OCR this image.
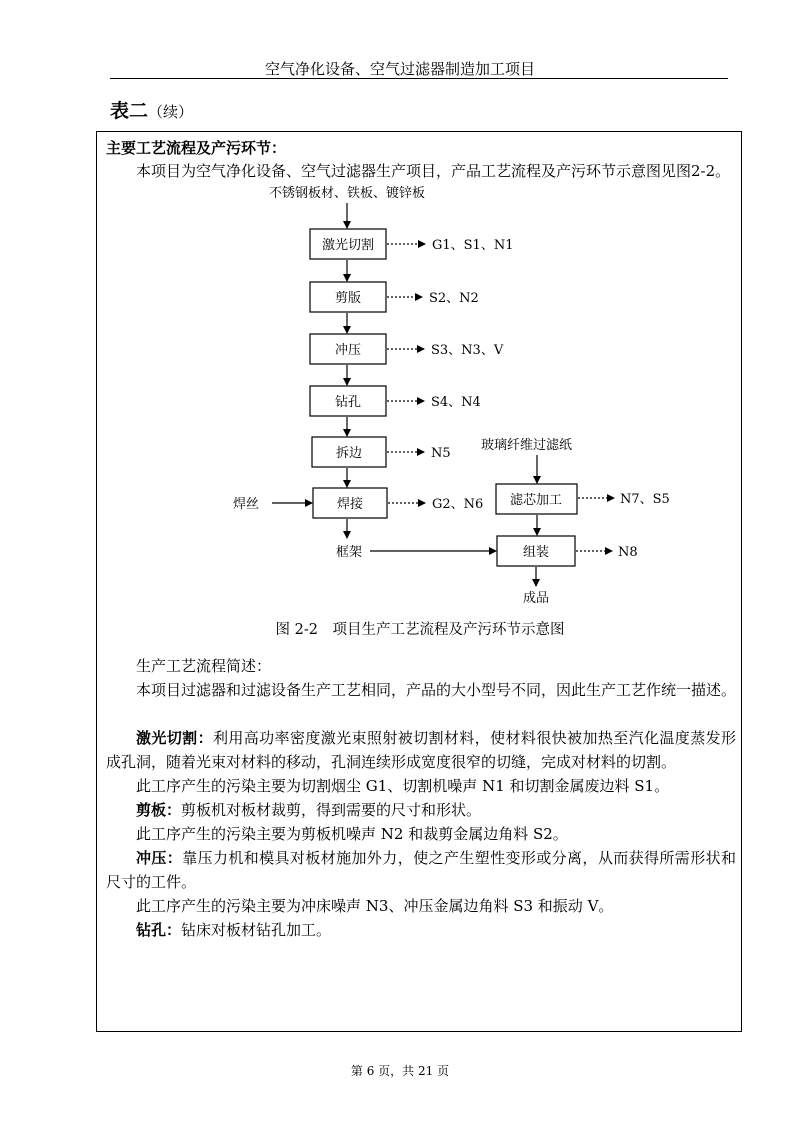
空气净化设备、空气过滤器制造加工项目
表二（续）
主要工艺流程及产污环节：
本项目为空气净化设备、空气过滤器生产项目，产品工艺流程及产污环节示意图见图2-2。
不锈钢板材、铁板、镀锌板
激光切割	G1、S1、N1
剪版	S2、N2
冲压	S3、N3、V
钻孔	S4、N4
拆边	N5
焊接
焊丝	G2、N6
框架
玻璃纤维过滤纸
滤芯加工	N7、S5
组装	N8
成品
图 2-2　项目生产工艺流程及产污环节示意图
生产工艺流程简述：
本项目过滤器和过滤设备生产工艺相同，产品的大小型号不同，因此生产工艺作统一描述。
激光切割：利用高功率密度激光束照射被切割材料，使材料很快被加热至汽化温度蒸发形成孔洞，随着光束对材料的移动，孔洞连续形成宽度很窄的切缝，完成对材料的切割。
此工序产生的污染主要为切割烟尘 G1、切割机噪声 N1 和切割金属废边料 S1。
剪板：剪板机对板材裁剪，得到需要的尺寸和形状。
此工序产生的污染主要为剪板机噪声 N2 和裁剪金属边角料 S2。
冲压：靠压力机和模具对板材施加外力，使之产生塑性变形或分离，从而获得所需形状和尺寸的工件。
此工序产生的污染主要为冲床噪声 N3、冲压金属边角料 S3 和振动 V。
钻孔：钻床对板材钻孔加工。
第 6 页，共 21 页
